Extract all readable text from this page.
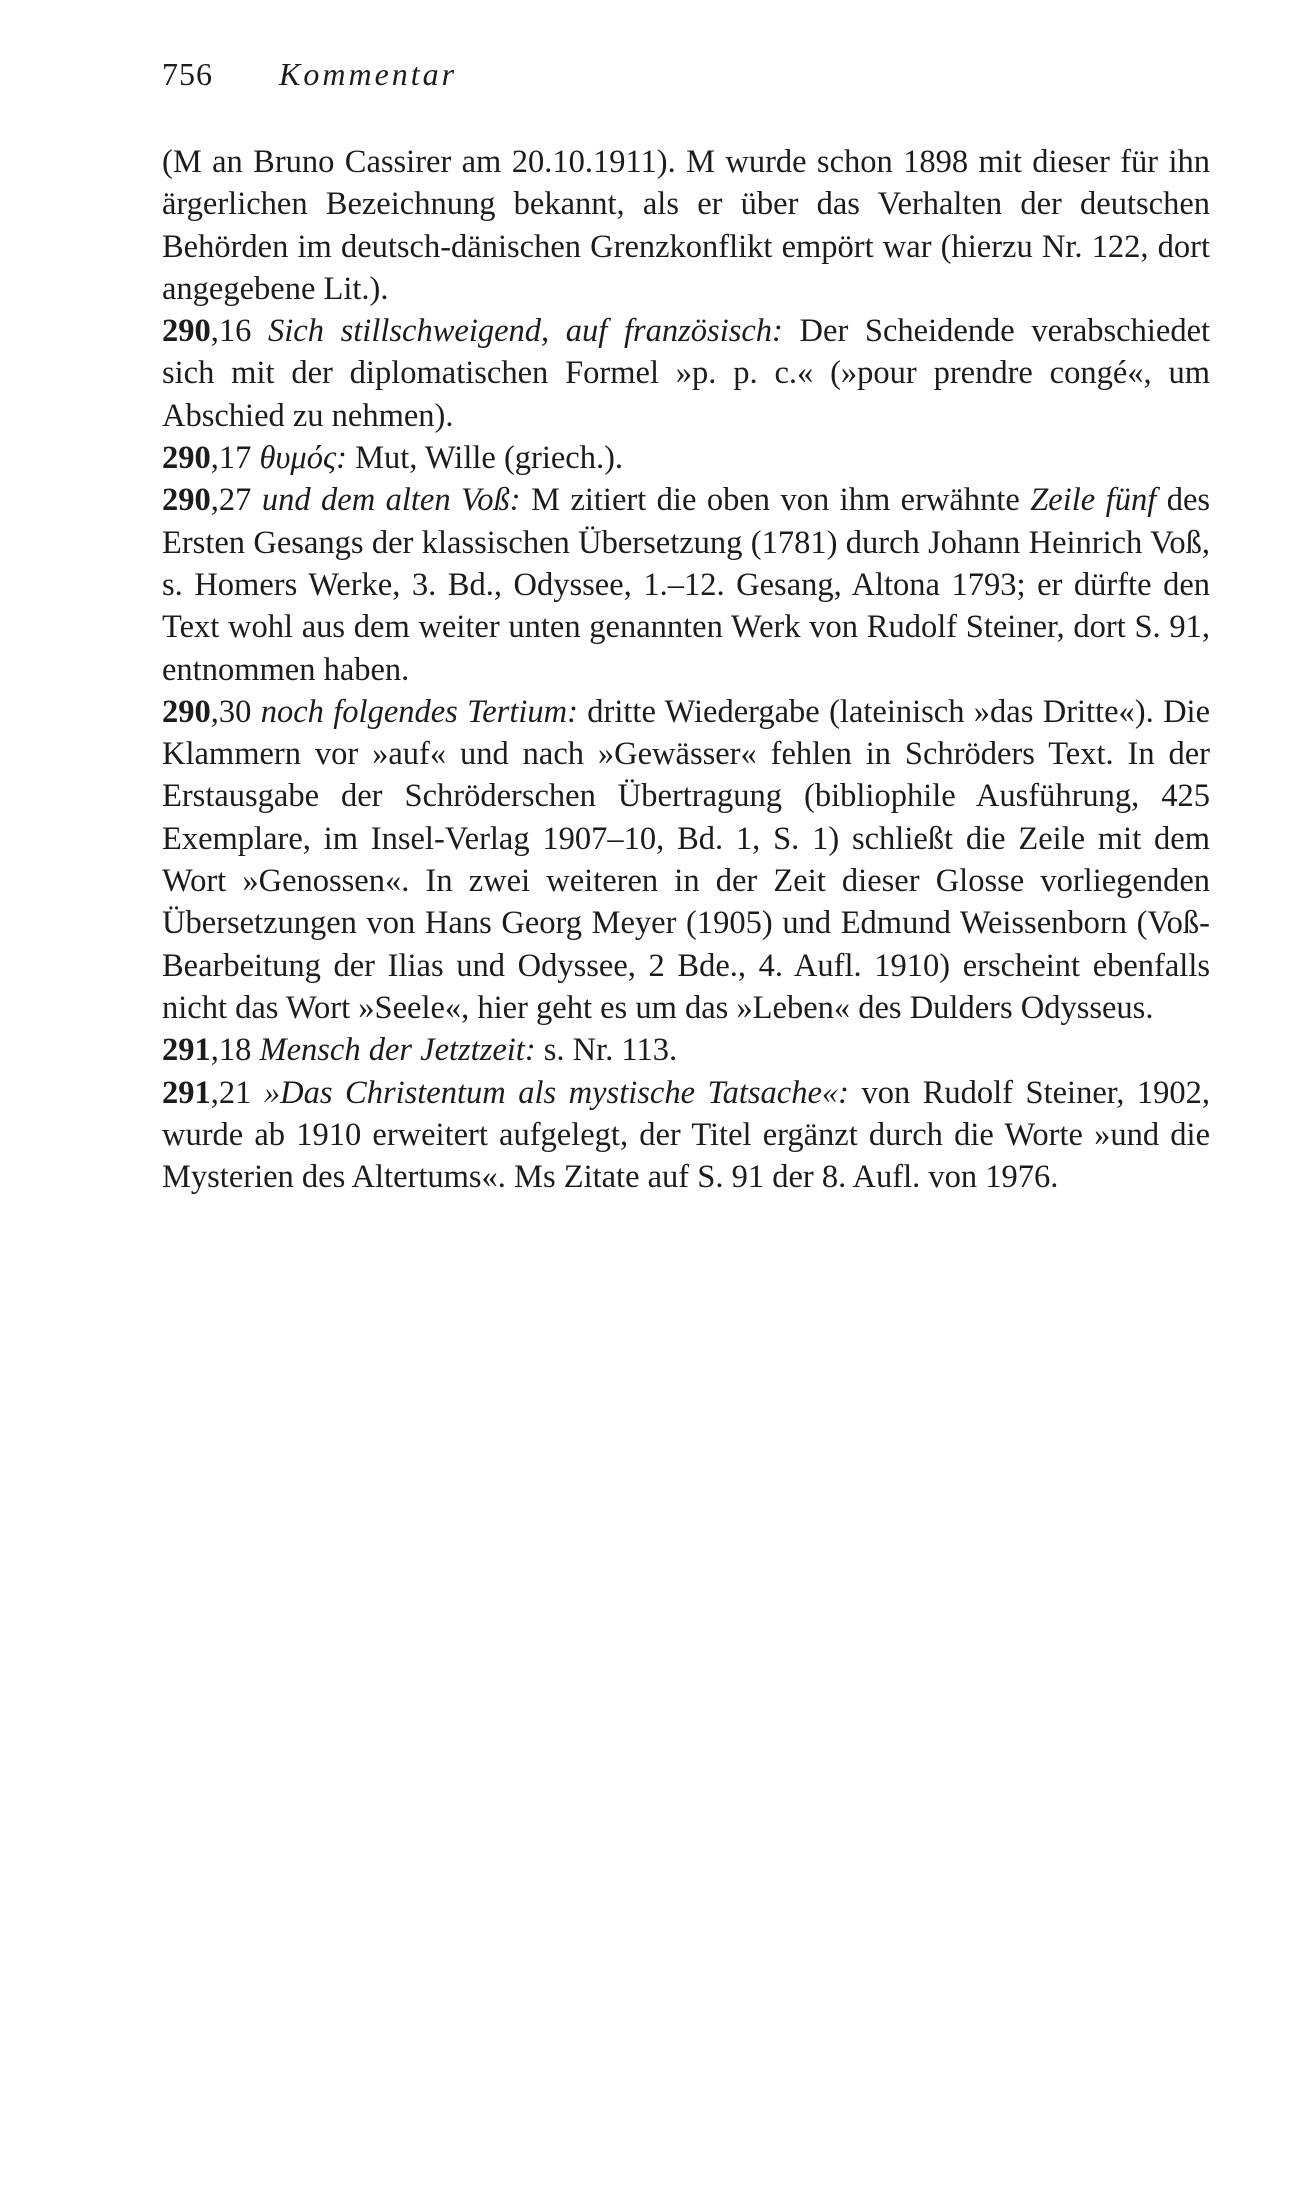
756 Kommentar

(M an Bruno Cassirer am 20.10.1911). M wurde schon 1898 mit dieser für ihn ärgerlichen Bezeichnung bekannt, als er über das Verhalten der deutschen Behörden im deutsch-dänischen Grenzkonflikt empört war (hierzu Nr. 122, dort angegebene Lit.).

290,16 Sich stillschweigend, auf französisch: Der Scheidende verabschiedet sich mit der diplomatischen Formel »p. p. c.« (»pour prendre congé«, um Abschied zu nehmen).

290,17 θυμός: Mut, Wille (griech.).

290,27 und dem alten Voß: M zitiert die oben von ihm erwähnte Zeile fünf des Ersten Gesangs der klassischen Übersetzung (1781) durch Johann Heinrich Voß, s. Homers Werke, 3. Bd., Odyssee, 1.–12. Gesang, Altona 1793; er dürfte den Text wohl aus dem weiter unten genannten Werk von Rudolf Steiner, dort S. 91, entnommen haben.

290,30 noch folgendes Tertium: dritte Wiedergabe (lateinisch »das Dritte«). Die Klammern vor »auf« und nach »Gewässer« fehlen in Schröders Text. In der Erstausgabe der Schröderschen Übertragung (bibliophile Ausführung, 425 Exemplare, im Insel-Verlag 1907–10, Bd. 1, S. 1) schließt die Zeile mit dem Wort »Genossen«. In zwei weiteren in der Zeit dieser Glosse vorliegenden Übersetzungen von Hans Georg Meyer (1905) und Edmund Weissenborn (Voß-Bearbeitung der Ilias und Odyssee, 2 Bde., 4. Aufl. 1910) erscheint ebenfalls nicht das Wort »Seele«, hier geht es um das »Leben« des Dulders Odysseus.

291,18 Mensch der Jetztzeit: s. Nr. 113.

291,21 »Das Christentum als mystische Tatsache«: von Rudolf Steiner, 1902, wurde ab 1910 erweitert aufgelegt, der Titel ergänzt durch die Worte »und die Mysterien des Altertums«. Ms Zitate auf S. 91 der 8. Aufl. von 1976.
